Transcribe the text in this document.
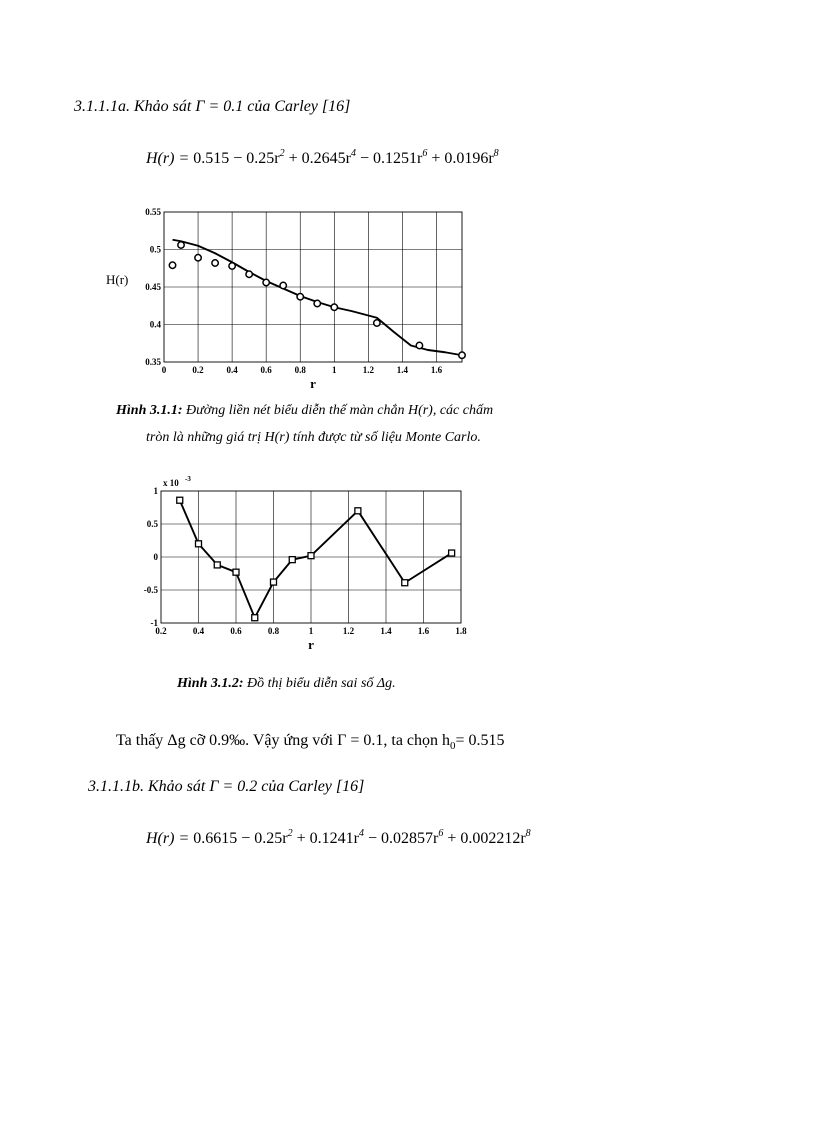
3.1.1.1a. Khảo sát Γ = 0.1 của Carley [16]
$H(r) = 0.515 - 0.25r^2 + 0.2645r^4 - 0.1251r^6 + 0.0196r^8$
0	0.2	0.4	0.6	0.8	1	1.2	1.4	1.6
0.35
0.4
0.45
0.5
0.55
r
H(r)
Hình 3.1.1: Đường liền nét biểu diễn thế màn chắn H(r), các chấm
tròn là những giá trị H(r) tính được từ số liệu Monte Carlo.
0.2	0.4	0.6	0.8	1	1.2	1.4	1.6	1.8
-1
-0.5
0
0.5
1
r
x 10 -3
Hình 3.1.2: Đồ thị biểu diễn sai số Δg.
Ta thấy Δg cỡ 0.9‰. Vậy ứng với Γ = 0.1, ta chọn $h_0= 0.515$
3.1.1.1b. Khảo sát Γ = 0.2 của Carley [16]
$H(r) = 0.6615 - 0.25r^2 + 0.1241r^4 - 0.02857r^6 + 0.002212r^8$
